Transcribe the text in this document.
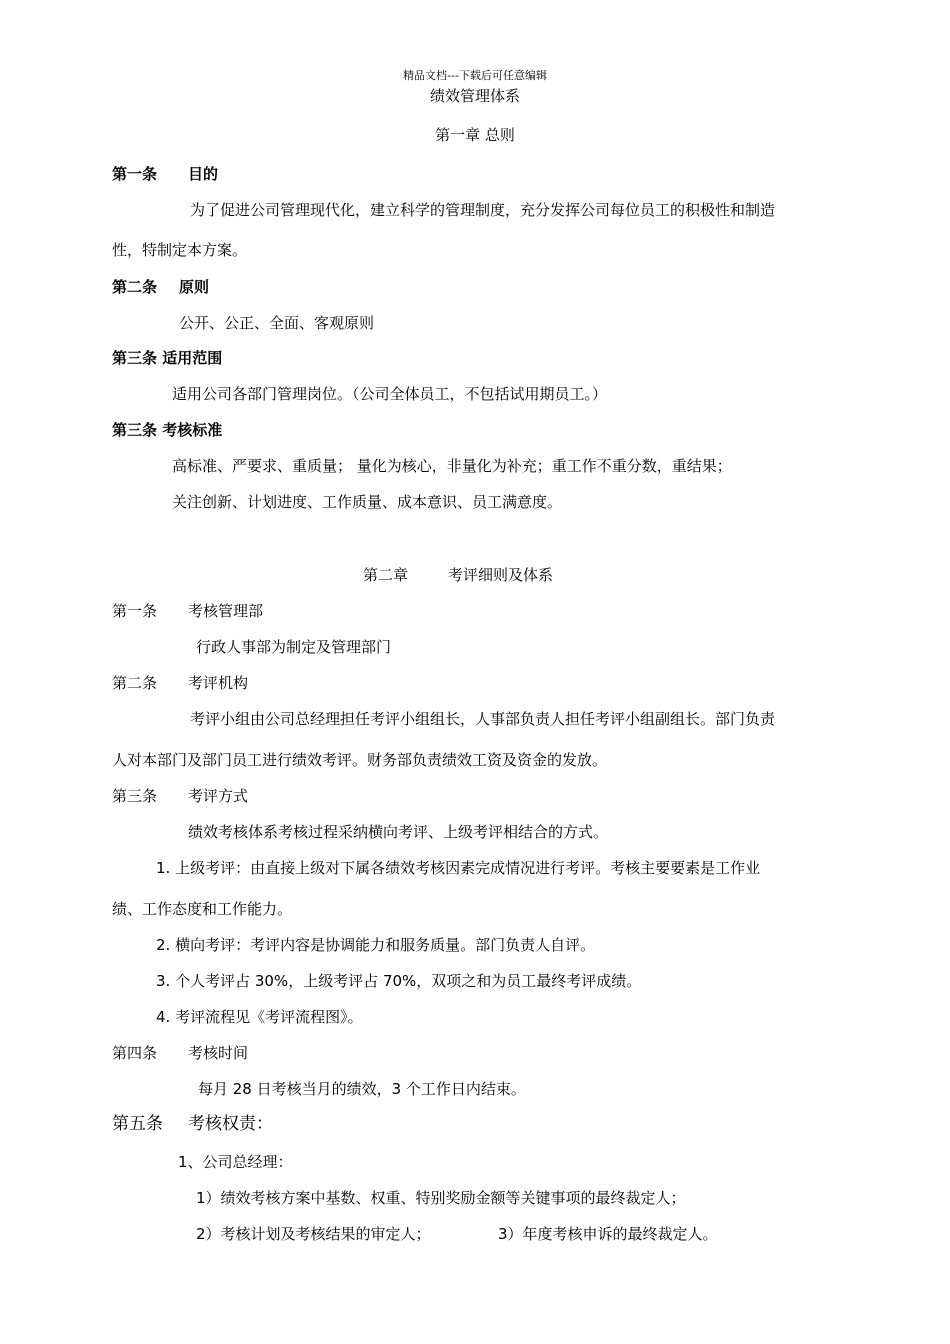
精品文档---下载后可任意编辑
绩效管理体系
第一章 总则
第一条 目的
为了促进公司管理现代化，建立科学的管理制度，充分发挥公司每位员工的积极性和制造
性，特制定本方案。
第二条 原则
公开、公正、全面、客观原则
第三条 适用范围
适用公司各部门管理岗位。（公司全体员工，不包括试用期员工。）
第三条 考核标准
高标准、严要求、重质量； 量化为核心，非量化为补充；重工作不重分数，重结果；
关注创新、计划进度、工作质量、成本意识、员工满意度。
第二章	考评细则及体系
第一条 考核管理部
行政人事部为制定及管理部门
第二条 考评机构
考评小组由公司总经理担任考评小组组长，人事部负责人担任考评小组副组长。部门负责
人对本部门及部门员工进行绩效考评。财务部负责绩效工资及资金的发放。
第三条 考评方式
绩效考核体系考核过程采纳横向考评、上级考评相结合的方式。
1. 上级考评：由直接上级对下属各绩效考核因素完成情况进行考评。考核主要要素是工作业
绩、工作态度和工作能力。
2. 横向考评：考评内容是协调能力和服务质量。部门负责人自评。
3. 个人考评占 30%，上级考评占 70%，双项之和为员工最终考评成绩。
4. 考评流程见《考评流程图》。
第四条 考核时间
每月 28 日考核当月的绩效，3 个工作日内结束。
第五条 考核权责：
1、公司总经理：
1）绩效考核方案中基数、权重、特别奖励金额等关键事项的最终裁定人；
2）考核计划及考核结果的审定人；	3）年度考核申诉的最终裁定人。
